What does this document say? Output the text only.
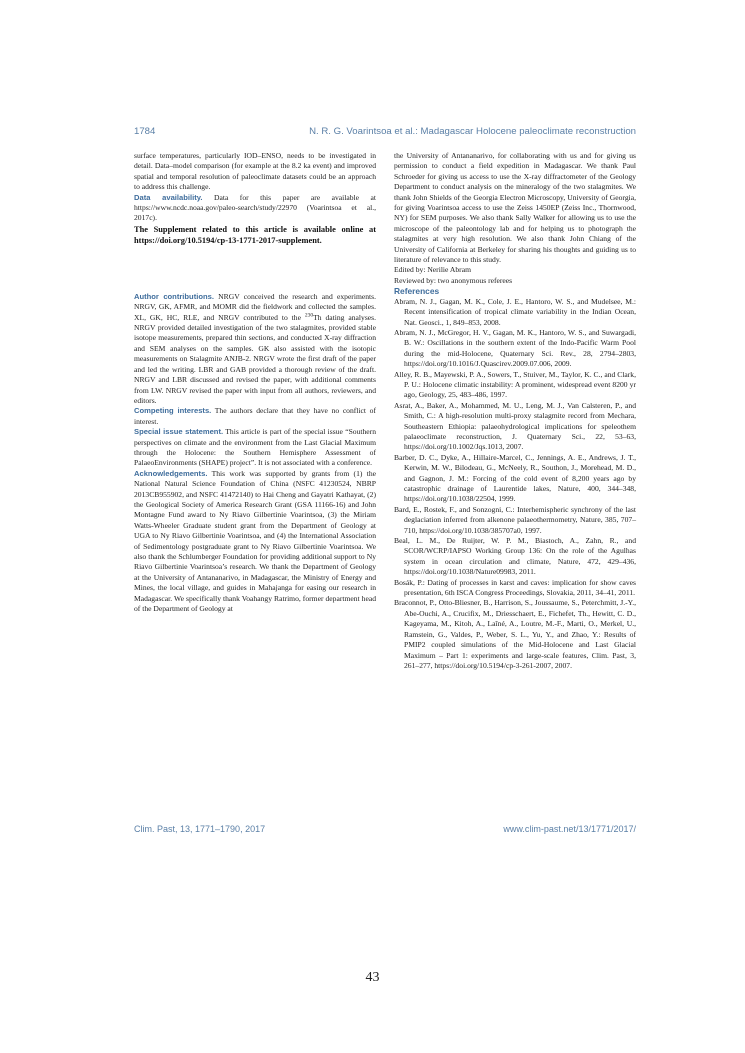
1784	N. R. G. Voarintsoa et al.: Madagascar Holocene paleoclimate reconstruction

surface temperatures, particularly IOD–ENSO, needs to be investigated in detail. Data–model comparison (for example at the 8.2 ka event) and improved spatial and temporal resolution of paleoclimate datasets could be an approach to address this challenge.

Data availability. Data for this paper are available at https://www.ncdc.noaa.gov/paleo-search/study/22970 (Voarintsoa et al., 2017c).

The Supplement related to this article is available online at https://doi.org/10.5194/cp-13-1771-2017-supplement.

Author contributions. NRGV conceived the research and experiments. NRGV, GK, AFMR, and MOMR did the fieldwork and collected the samples. XL, GK, HC, RLE, and NRGV contributed to the $^{230}$Th dating analyses. NRGV provided detailed investigation of the two stalagmites, provided stable isotope measurements, prepared thin sections, and conducted X-ray diffraction and SEM analyses on the samples. GK also assisted with the isotopic measurements on Stalagmite ANJB-2. NRGV wrote the first draft of the paper and led the writing. LBR and GAB provided a thorough review of the draft. NRGV and LBR discussed and revised the paper, with additional comments from LW. NRGV revised the paper with input from all authors, reviewers, and editors.

Competing interests. The authors declare that they have no conflict of interest.

Special issue statement. This article is part of the special issue “Southern perspectives on climate and the environment from the Last Glacial Maximum through the Holocene: the Southern Hemisphere Assessment of PalaeoEnvironments (SHAPE) project”. It is not associated with a conference.

Acknowledgements. This work was supported by grants from (1) the National Natural Science Foundation of China (NSFC 41230524, NBRP 2013CB955902, and NSFC 41472140) to Hai Cheng and Gayatri Kathayat, (2) the Geological Society of America Research Grant (GSA 11166-16) and John Montagne Fund award to Ny Riavo Gilbertinie Voarintsoa, (3) the Miriam Watts-Wheeler Graduate student grant from the Department of Geology at UGA to Ny Riavo Gilbertinie Voarintsoa, and (4) the International Association of Sedimentology postgraduate grant to Ny Riavo Gilbertinie Voarintsoa. We also thank the Schlumberger Foundation for providing additional support to Ny Riavo Gilbertinie Voarintsoa’s research. We thank the Department of Geology at the University of Antananarivo, in Madagascar, the Ministry of Energy and Mines, the local village, and guides in Mahajanga for easing our research in Madagascar. We specifically thank Voahangy Ratrimo, former department head of the Department of Geology at

the University of Antananarivo, for collaborating with us and for giving us permission to conduct a field expedition in Madagascar. We thank Paul Schroeder for giving us access to use the X-ray diffractometer of the Geology Department to conduct analysis on the mineralogy of the two stalagmites. We thank John Shields of the Georgia Electron Microscopy, University of Georgia, for giving Voarintsoa access to use the Zeiss 1450EP (Zeiss Inc., Thornwood, NY) for SEM purposes. We also thank Sally Walker for allowing us to use the microscope of the paleontology lab and for helping us to photograph the stalagmites at very high resolution. We also thank John Chiang of the University of California at Berkeley for sharing his thoughts and guiding us to literature of relevance to this study.

Edited by: Nerilie Abram

Reviewed by: two anonymous referees

References

Abram, N. J., Gagan, M. K., Cole, J. E., Hantoro, W. S., and Mudelsee, M.: Recent intensification of tropical climate variability in the Indian Ocean, Nat. Geosci., 1, 849–853, 2008.

Abram, N. J., McGregor, H. V., Gagan, M. K., Hantoro, W. S., and Suwargadi, B. W.: Oscillations in the southern extent of the Indo-Pacific Warm Pool during the mid-Holocene, Quaternary Sci. Rev., 28, 2794–2803, https://doi.org/10.1016/J.Quascirev.2009.07.006, 2009.

Alley, R. B., Mayewski, P. A., Sowers, T., Stuiver, M., Taylor, K. C., and Clark, P. U.: Holocene climatic instability: A prominent, widespread event 8200 yr ago, Geology, 25, 483–486, 1997.

Asrat, A., Baker, A., Mohammed, M. U., Leng, M. J., Van Calsteren, P., and Smith, C.: A high-resolution multi-proxy stalagmite record from Mechara, Southeastern Ethiopia: palaeohydrological implications for speleothem palaeoclimate reconstruction, J. Quaternary Sci., 22, 53–63, https://doi.org/10.1002/Jqs.1013, 2007.

Barber, D. C., Dyke, A., Hillaire-Marcel, C., Jennings, A. E., Andrews, J. T., Kerwin, M. W., Bilodeau, G., McNeely, R., Southon, J., Morehead, M. D., and Gagnon, J. M.: Forcing of the cold event of 8,200 years ago by catastrophic drainage of Laurentide lakes, Nature, 400, 344–348, https://doi.org/10.1038/22504, 1999.

Bard, E., Rostek, F., and Sonzogni, C.: Interhemispheric synchrony of the last deglaciation inferred from alkenone palaeothermometry, Nature, 385, 707–710, https://doi.org/10.1038/385707a0, 1997.

Beal, L. M., De Ruijter, W. P. M., Biastoch, A., Zahn, R., and SCOR/WCRP/IAPSO Working Group 136: On the role of the Agulhas system in ocean circulation and climate, Nature, 472, 429–436, https://doi.org/10.1038/Nature09983, 2011.

Bosák, P.: Dating of processes in karst and caves: implication for show caves presentation, 6th ISCA Congress Proceedings, Slovakia, 2011, 34–41, 2011.

Braconnot, P., Otto-Bliesner, B., Harrison, S., Joussaume, S., Peterchmitt, J.-Y., Abe-Ouchi, A., Crucifix, M., Driesschaert, E., Fichefet, Th., Hewitt, C. D., Kageyama, M., Kitoh, A., Laîné, A., Loutre, M.-F., Marti, O., Merkel, U., Ramstein, G., Valdes, P., Weber, S. L., Yu, Y., and Zhao, Y.: Results of PMIP2 coupled simulations of the Mid-Holocene and Last Glacial Maximum – Part 1: experiments and large-scale features, Clim. Past, 3, 261–277, https://doi.org/10.5194/cp-3-261-2007, 2007.

Clim. Past, 13, 1771–1790, 2017	www.clim-past.net/13/1771/2017/
43
